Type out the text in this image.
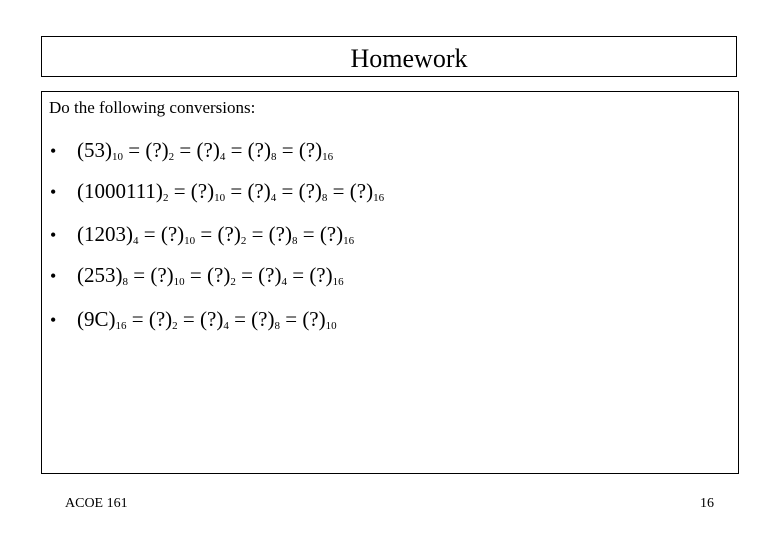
Homework
Do the following conversions:
• $(53)_{10}$ = $(?)_2$ = $(?)_4$ = $(?)_8$ = $(?)_{16}$
• $(1000111)_2$ = $(?)_{10}$ = $(?)_4$ = $(?)_8$ = $(?)_{16}$
• $(1203)_4$ = $(?)_{10}$ = $(?)_2$ = $(?)_8$ = $(?)_{16}$
• $(253)_8$ = $(?)_{10}$ = $(?)_2$ = $(?)_4$ = $(?)_{16}$
• $(9C)_{16}$ = $(?)_2$ = $(?)_4$ = $(?)_8$ = $(?)_{10}$
ACOE 161	16
